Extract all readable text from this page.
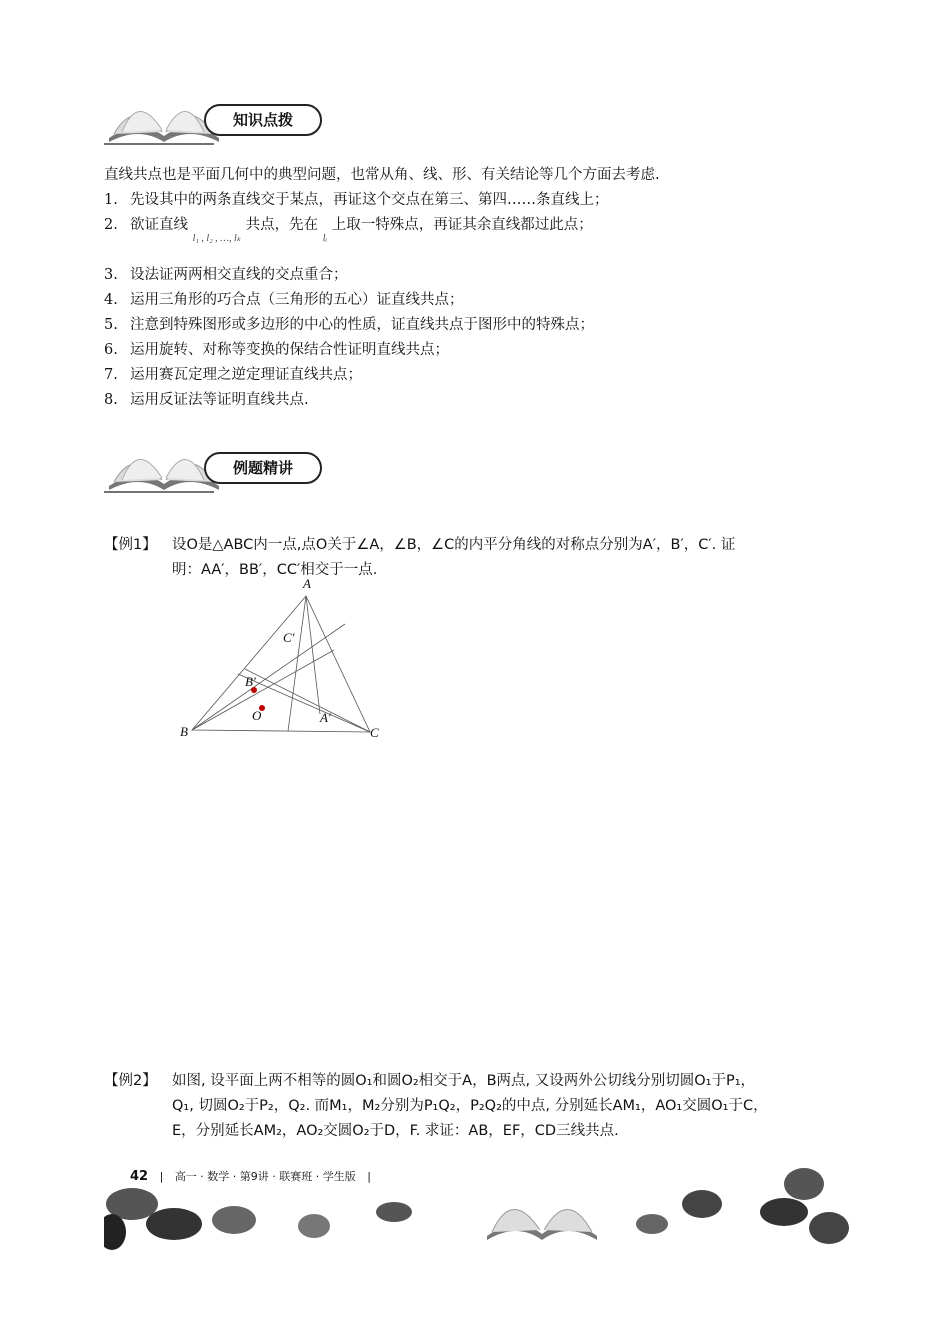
知识点拨
直线共点也是平面几何中的典型问题，也常从角、线、形、有关结论等几个方面去考虑.
1. 先设其中的两条直线交于某点，再证这个交点在第三、第四……条直线上；
2. 欲证直线 $_{l_1 , l_2 , \dots, l_k}$ 共点，先在 $_{lᵢ}$ 上取一特殊点，再证其余直线都过此点；
3. 设法证两两相交直线的交点重合；
4. 运用三角形的巧合点（三角形的五心）证直线共点；
5. 注意到特殊图形或多边形的中心的性质，证直线共点于图形中的特殊点；
6. 运用旋转、对称等变换的保结合性证明直线共点；
7. 运用赛瓦定理之逆定理证直线共点；
8. 运用反证法等证明直线共点.
例题精讲
【例1】 设O是△ABC内一点,点O关于∠A，∠B，∠C的内平分角线的对称点分别为A′，B′，C′. 证
明：AA′，BB′，CC′相交于一点.
A
B	C
O	A′
B′
C′
【例2】 如图, 设平面上两不相等的圆O₁和圆O₂相交于A，B两点, 又设两外公切线分别切圆O₁于P₁，
Q₁, 切圆O₂于P₂，Q₂. 而M₁，M₂分别为P₁Q₂，P₂Q₂的中点, 分别延长AM₁，AO₁交圆O₁于C，
E，分别延长AM₂，AO₂交圆O₂于D，F. 求证：AB，EF，CD三线共点.
42 | 高一 · 数学 · 第9讲 · 联赛班 · 学生版 |
